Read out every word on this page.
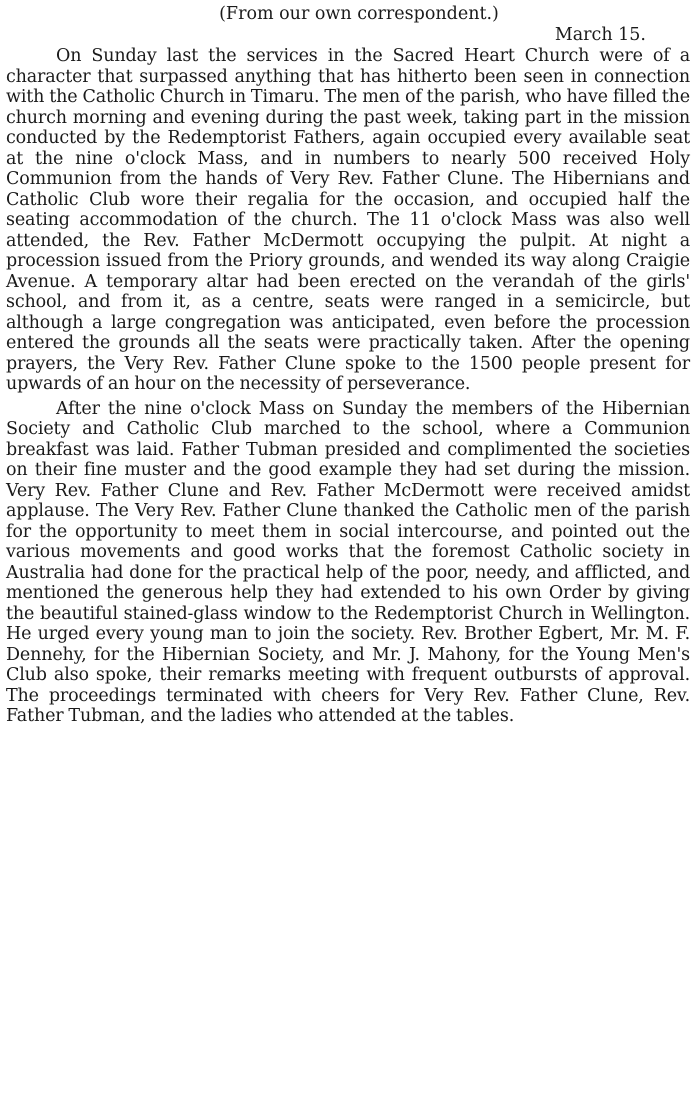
(From our own correspondent.)

March 15.

On Sunday last the services in the Sacred Heart Church were of a character that surpassed anything that has hitherto been seen in connection with the Catholic Church in Timaru. The men of the parish, who have filled the church morning and evening during the past week, taking part in the mission conducted by the Redemptorist Fathers, again occupied every available seat at the nine o'clock Mass, and in numbers to nearly 500 received Holy Communion from the hands of Very Rev. Father Clune. The Hibernians and Catholic Club wore their regalia for the occasion, and occupied half the seating accommodation of the church. The 11 o'clock Mass was also well attended, the Rev. Father McDermott occupying the pulpit. At night a procession issued from the Priory grounds, and wended its way along Craigie Avenue. A temporary altar had been erected on the verandah of the girls' school, and from it, as a centre, seats were ranged in a semicircle, but although a large congregation was anticipated, even before the procession entered the grounds all the seats were practically taken. After the opening prayers, the Very Rev. Father Clune spoke to the 1500 people present for upwards of an hour on the necessity of perseverance.

After the nine o'clock Mass on Sunday the members of the Hibernian Society and Catholic Club marched to the school, where a Communion breakfast was laid. Father Tubman presided and complimented the societies on their fine muster and the good example they had set during the mission. Very Rev. Father Clune and Rev. Father McDermott were received amidst applause. The Very Rev. Father Clune thanked the Catholic men of the parish for the opportunity to meet them in social intercourse, and pointed out the various movements and good works that the foremost Catholic society in Australia had done for the practical help of the poor, needy, and afflicted, and mentioned the generous help they had extended to his own Order by giving the beautiful stained-glass window to the Redemptorist Church in Wellington. He urged every young man to join the society. Rev. Brother Egbert, Mr. M. F. Dennehy, for the Hibernian Society, and Mr. J. Mahony, for the Young Men's Club also spoke, their remarks meeting with frequent outbursts of approval. The proceedings terminated with cheers for Very Rev. Father Clune, Rev. Father Tubman, and the ladies who attended at the tables.
